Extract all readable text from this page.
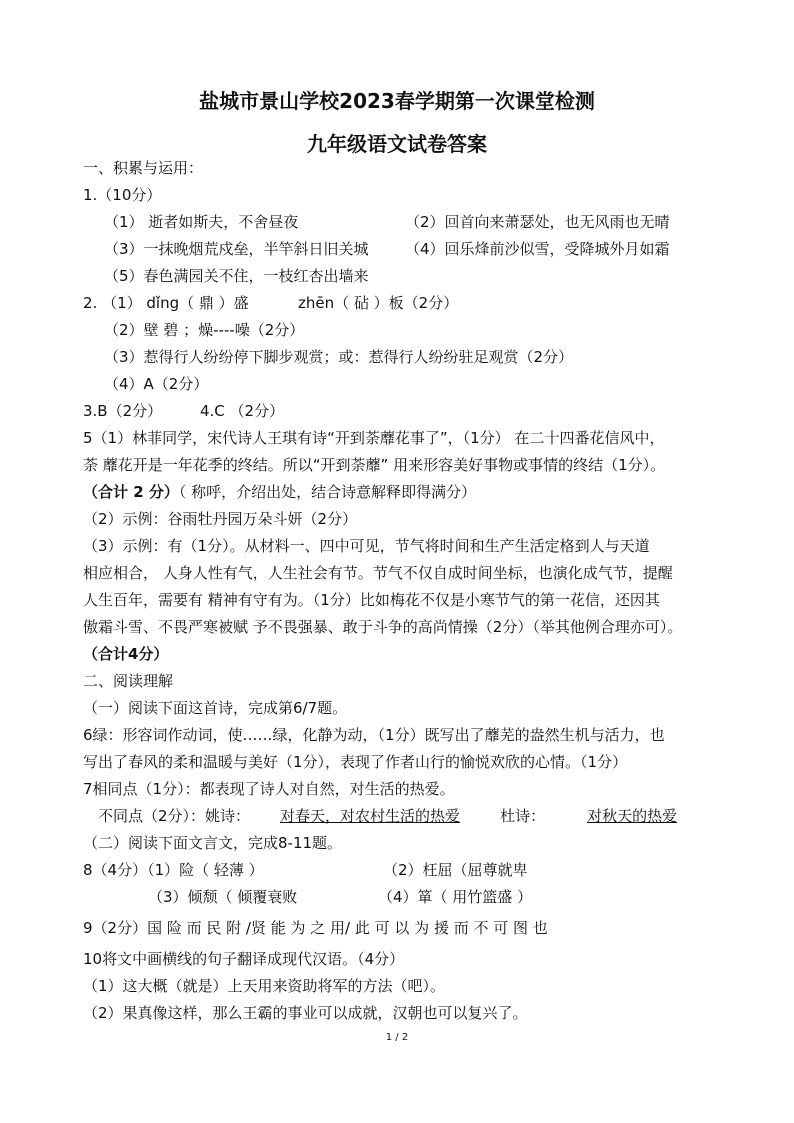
盐城市景山学校2023春学期第一次课堂检测
九年级语文试卷答案
一、积累与运用：
1.（10分）
（1） 逝者如斯夫，不舍昼夜	（2）回首向来萧瑟处，也无风雨也无晴
（3）一抹晚烟荒戍垒，半竿斜日旧关城 （4）回乐烽前沙似雪，受降城外月如霜
（5）春色满园关不住，一枝红杏出墙来
2. （1） dǐng（ 鼎 ）盛	zhēn（ 砧 ）板（2分）
（2）壁 碧 ；燥----噪（2分）
（3）惹得行人纷纷停下脚步观赏；或：惹得行人纷纷驻足观赏（2分）
（4）A（2分）
3.B（2分）	4.C （2分）
5（1）林菲同学，宋代诗人王琪有诗“开到荼蘼花事了”，（1分） 在二十四番花信风中，
荼 蘼花开是一年花季的终结。所以“开到荼蘼” 用来形容美好事物或事情的终结（1分）。
（合计 2 分）（ 称呼，介绍出处，结合诗意解释即得满分）
（2）示例：谷雨牡丹园万朵斗妍（2分）
（3）示例：有（1分）。从材料一、四中可见，节气将时间和生产生活定格到人与天道
相应相合， 人身人性有气，人生社会有节。节气不仅自成时间坐标，也演化成气节，提醒
人生百年，需要有 精神有守有为。（1分）比如梅花不仅是小寒节气的第一花信，还因其
傲霜斗雪、不畏严寒被赋 予不畏强暴、敢于斗争的高尚情操（2分）（举其他例合理亦可）。
（合计4分）
二、阅读理解
（一）阅读下面这首诗，完成第6/7题。
6绿：形容词作动词，使……绿，化静为动，（1分）既写出了蘼芜的盎然生机与活力，也
写出了春风的柔和温暖与美好（1分），表现了作者山行的愉悦欢欣的心情。（1分）
7相同点（1分）：都表现了诗人对自然，对生活的热爱。
不同点（2分）：姚诗： 对春天，对农村生活的热爱	杜诗：	对秋天的热爱
（二）阅读下面文言文，完成8-11题。
8（4分）（1）险（ 轻薄 ）	（2）枉屈（屈尊就卑
（3）倾颓（ 倾覆衰败	（4）箪（ 用竹篮盛 ）
9（2分）国 险 而 民 附 /贤 能 为 之 用/ 此 可 以 为 援 而 不 可 图 也
10将文中画横线的句子翻译成现代汉语。（4分）
（1）这大概（就是）上天用来资助将军的方法（吧）。
（2）果真像这样，那么王霸的事业可以成就，汉朝也可以复兴了。
1 / 2
